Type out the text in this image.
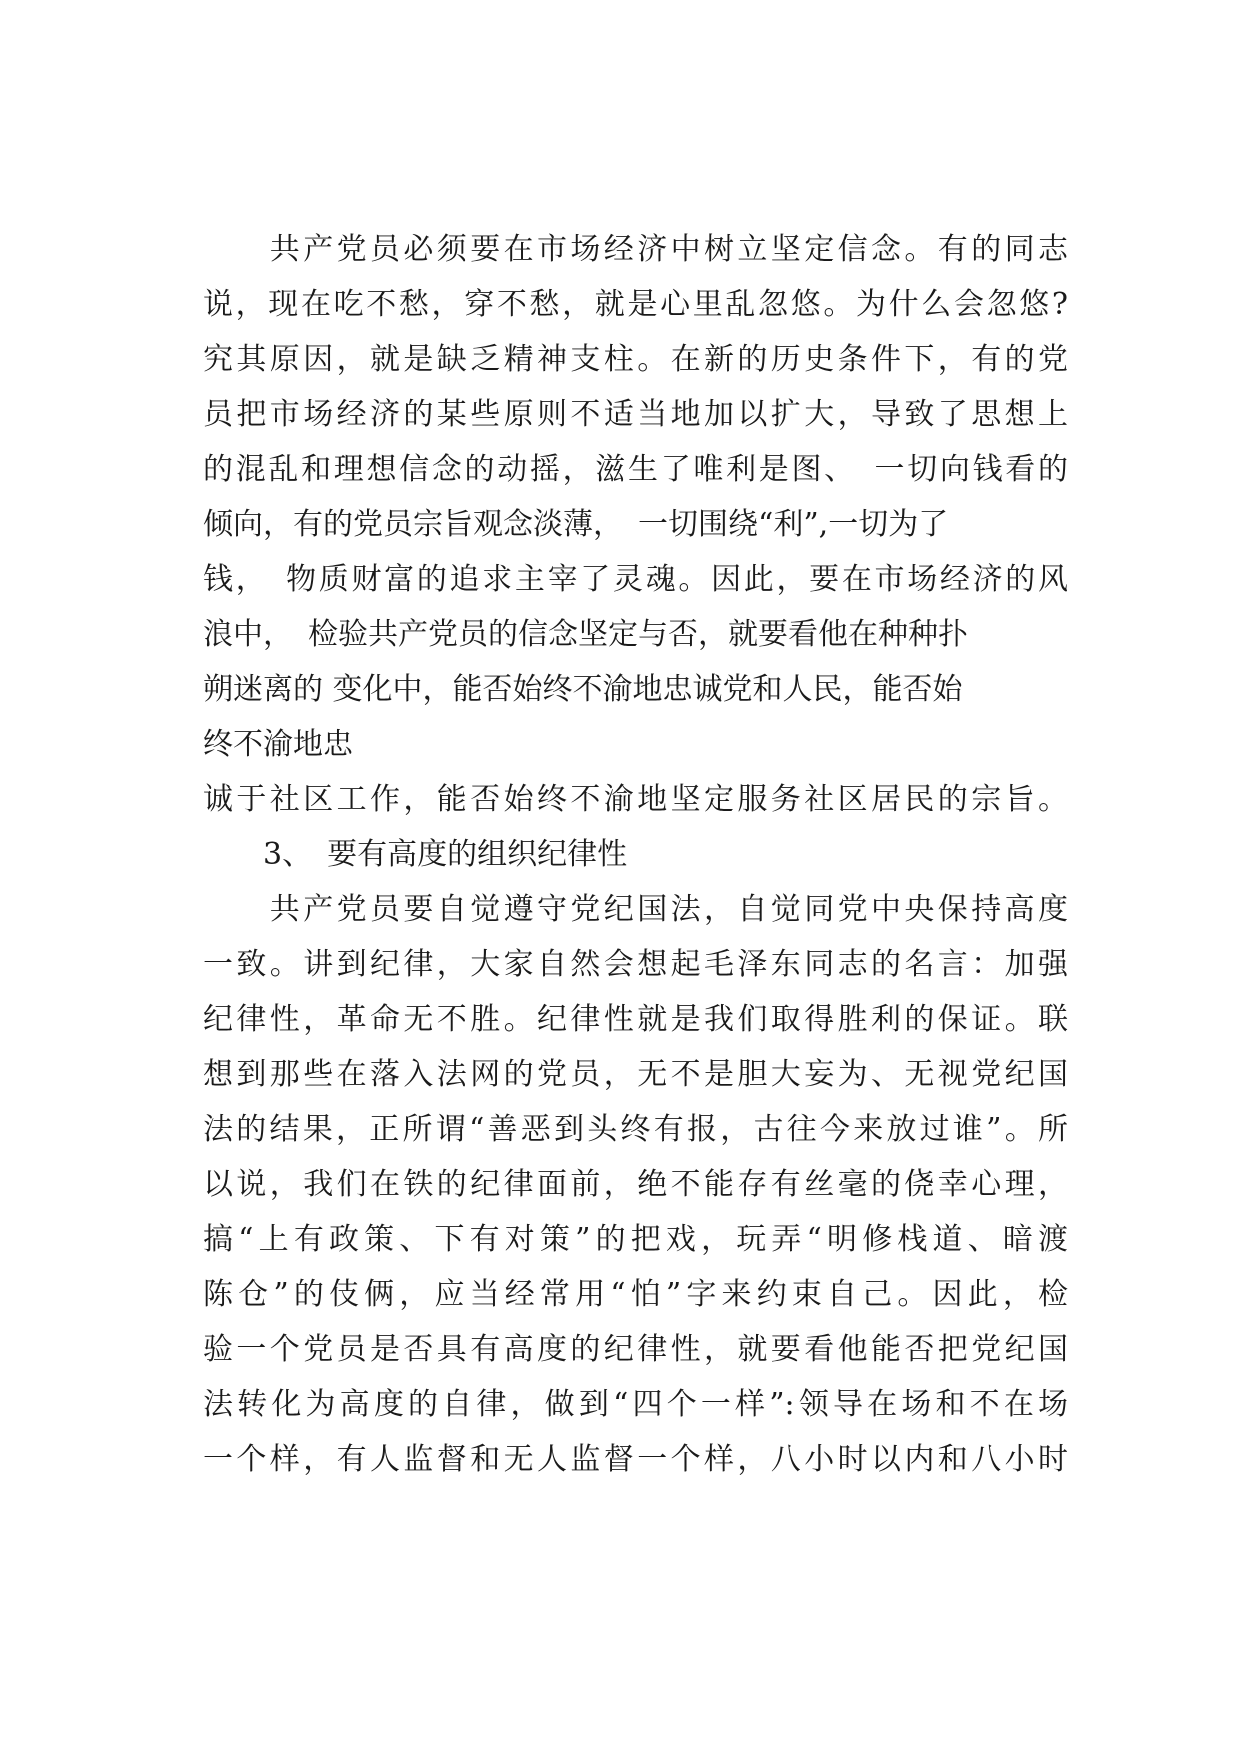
　　共产党员必须要在市场经济中树立坚定信念。有的同志
说，现在吃不愁，穿不愁，就是心里乱忽悠。为什么会忽悠?
究其原因，就是缺乏精神支柱。在新的历史条件下，有的党
员把市场经济的某些原则不适当地加以扩大，导致了思想上
的混乱和理想信念的动摇，滋生了唯利是图、　一切向钱看的
倾向，有的党员宗旨观念淡薄，　一切围绕“利”,一切为了
钱，　物质财富的追求主宰了灵魂。因此，要在市场经济的风
浪中，　检验共产党员的信念坚定与否，就要看他在种种扑
朔迷离的 变化中，能否始终不渝地忠诚党和人民，能否始
终不渝地忠
诚于社区工作，能否始终不渝地坚定服务社区居民的宗旨。
　　3、　要有高度的组织纪律性
　　共产党员要自觉遵守党纪国法，自觉同党中央保持高度
一致。讲到纪律，大家自然会想起毛泽东同志的名言：加强
纪律性，革命无不胜。纪律性就是我们取得胜利的保证。联
想到那些在落入法网的党员，无不是胆大妄为、无视党纪国
法的结果，正所谓“善恶到头终有报，古往今来放过谁”。所
以说，我们在铁的纪律面前，绝不能存有丝毫的侥幸心理，
搞“上有政策、下有对策”的把戏，玩弄“明修栈道、暗渡
陈仓”的伎俩，应当经常用“怕”字来约束自己。因此，检
验一个党员是否具有高度的纪律性，就要看他能否把党纪国
法转化为高度的自律，做到“四个一样”:领导在场和不在场
一个样，有人监督和无人监督一个样，八小时以内和八小时
